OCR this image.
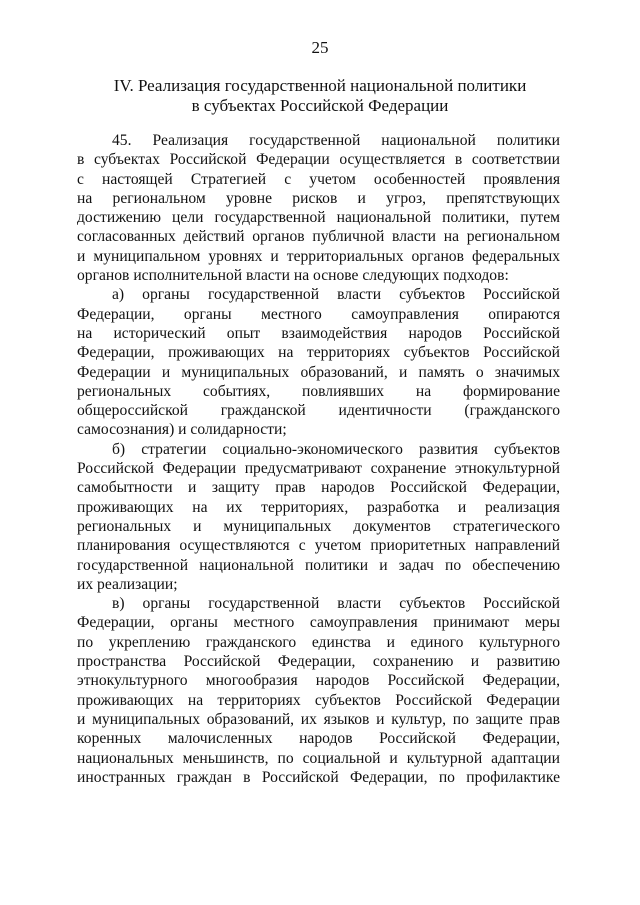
25
IV. Реализация государственной национальной политики
в субъектах Российской Федерации
45. Реализация государственной национальной политики
в субъектах Российской Федерации осуществляется в соответствии
с настоящей Стратегией с учетом особенностей проявления
на региональном уровне рисков и угроз, препятствующих
достижению цели государственной национальной политики, путем
согласованных действий органов публичной власти на региональном
и муниципальном уровнях и территориальных органов федеральных
органов исполнительной власти на основе следующих подходов:
а) органы государственной власти субъектов Российской
Федерации, органы местного самоуправления опираются
на исторический опыт взаимодействия народов Российской
Федерации, проживающих на территориях субъектов Российской
Федерации и муниципальных образований, и память о значимых
региональных событиях, повлиявших на формирование
общероссийской гражданской идентичности (гражданского
самосознания) и солидарности;
б) стратегии социально-экономического развития субъектов
Российской Федерации предусматривают сохранение этнокультурной
самобытности и защиту прав народов Российской Федерации,
проживающих на их территориях, разработка и реализация
региональных и муниципальных документов стратегического
планирования осуществляются с учетом приоритетных направлений
государственной национальной политики и задач по обеспечению
их реализации;
в) органы государственной власти субъектов Российской
Федерации, органы местного самоуправления принимают меры
по укреплению гражданского единства и единого культурного
пространства Российской Федерации, сохранению и развитию
этнокультурного многообразия народов Российской Федерации,
проживающих на территориях субъектов Российской Федерации
и муниципальных образований, их языков и культур, по защите прав
коренных малочисленных народов Российской Федерации,
национальных меньшинств, по социальной и культурной адаптации
иностранных граждан в Российской Федерации, по профилактике
